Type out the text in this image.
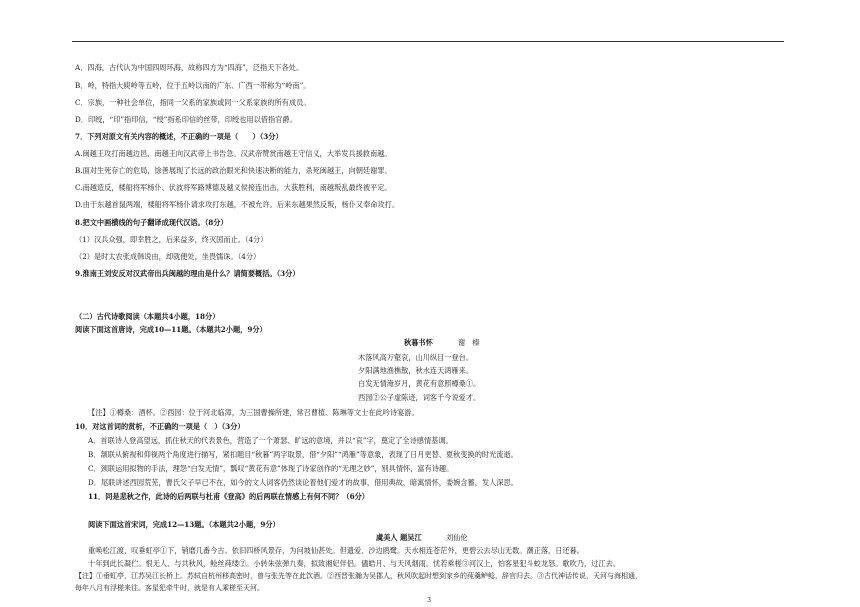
A．四海，古代认为中国四周环海，故称四方为“四海”，泛指天下各处。
B．岭，特指大庾岭等五岭，位于五岭以南的广东、广西一带称为“岭南”。
C．宗族，一种社会单位，指同一父系的家族或同一父系家族的所有成员。
D．印绶，“印”指印信，“绶”指系印信的丝带，印绶也用以借指官爵。
7．下列对原文有关内容的概述，不正确的一项是（　　）（3分）
A.闽越王攻打南越边邑，南越王向汉武帝上书告急。汉武帝赞赏南越王守信义，大举发兵援救南越。
B.面对生死存亡的危局，馀善展现了长远的政治眼光和快速决断的能力，杀死闽越王，向朝廷谢罪。
C.南越造反，楼船将军杨仆、伏波将军路博德及越义侯接连出击，大获胜利，南越叛乱最终被平定。
D.由于东越首鼠两端，楼船将军杨仆请求攻打东越，不被允许。后来东越果然反叛，杨仆又奉命攻打。
8.把文中画横线的句子翻译成现代汉语。（8分）
（1）汉兵众强，即幸胜之，后来益多，终灭国而止。（4分）
（2）是时太农张成韩说由，却就便处，坐畏懦诛。（4分）
9.淮南王刘安反对汉武帝出兵闽越的理由是什么？请简要概括。（3分）
（二）古代诗歌阅读（本题共4小题，18分）
阅读下面这首唐诗，完成10—11题。（本题共2小题，9分）
秋暮书怀	谢　榛
木落风高万壑哀，山川纵目一登台。
夕阳满地渔樵散，秋水连天鸿雁来。
白发无情淹岁月，黄花有意照樽桑①。
西园②公子虚陈迹，词客千今说爱才。
【注】①樽桑：酒杯。②西园：位于河北临漳，为三国曹操所建，常召曹植、陈琳等文士在此吟诗宴游。
10．对这首词的赏析，不正确的一项是（　）（3分）
A．首联诗人登高望远，抓住秋天的代表景色，营造了一个萧瑟、旷远的意境，并以“哀”字，奠定了全诗感情基调。
B．颔联从俯视和仰视两个角度进行描写，紧扣题目“秋暮”两字取景，借“夕阳”“鸿雁”等意象，表现了日月更替、夏秋变换的时光流逝。
C．颈联运用拟物的手法，理怨“白发无情”，瓢叹“黄花有意”体现了诗家创作的“无理之妙”，别具情怀，富有诗趣。
D．尾联讲述西园荒芜，曹氏父子早已不在，如今的文人词客仍然谈论着他们爱才的故事，借用典故，暗寓情怀，委婉含蓄，发人深思。
11．同是悲秋之作，此诗的后两联与杜甫《登高》的后两联在情感上有何不同？（6分）
阅读下面这首宋词，完成12—13题。（本题共2小题，9分）
虞美人 题吴江	刘仙伦
重唤松江渡，叹垂虹亭①下，销磨几番今古。依旧四桥风景存，为问坡仙甚处。但遗爱、沙边鸥鹭。天水相连苍茫外，更碧云去尽山无数。潮正落，日还暮。
十年到此长凝伫。恨无人、与共秋风，鲙丝莼缕②。小转朱弦弹九奏，拟致湘妃伴侣。儘皓月、与天风烟雨。忧若乘槎③河汉上，怕客星犯斗蛟龙怒。歌吹乃，过江去。
【注】①垂虹亭，江苏吴江长桥上。苏轼自杭州移高密时，曾与张先等在此饮酒。②西晋张瀚为吴郡人，秋风吹起时想到家乡的莼羹鲈鲶，辞官归去。③古代神话传说，天河与海相通，
每年八月有浮槎来往。客星犯牵牛时，就是有人乘槎至天河。
3
